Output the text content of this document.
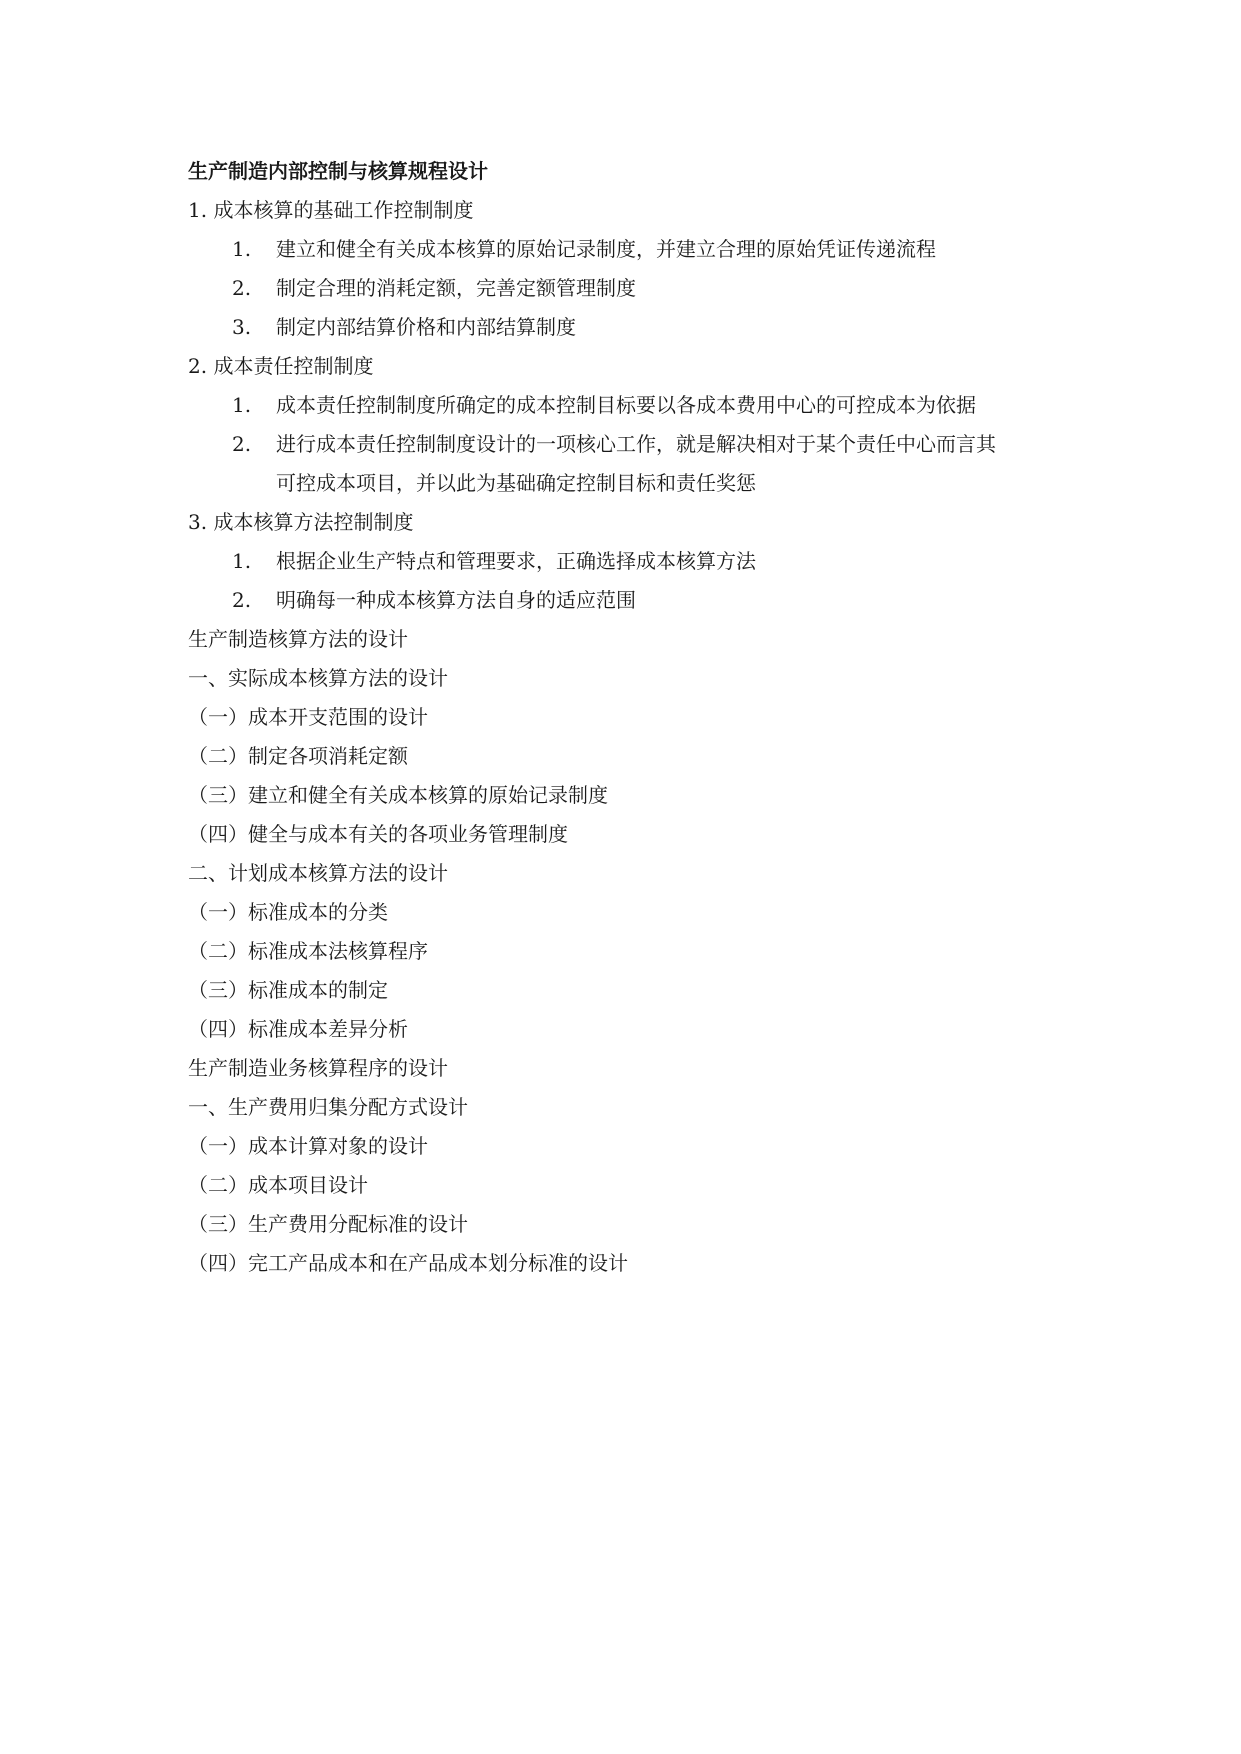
生产制造内部控制与核算规程设计
1. 成本核算的基础工作控制制度
1.	建立和健全有关成本核算的原始记录制度，并建立合理的原始凭证传递流程
2.	制定合理的消耗定额，完善定额管理制度
3.	制定内部结算价格和内部结算制度
2. 成本责任控制制度
1.	成本责任控制制度所确定的成本控制目标要以各成本费用中心的可控成本为依据
2.	进行成本责任控制制度设计的一项核心工作，就是解决相对于某个责任中心而言其
可控成本项目，并以此为基础确定控制目标和责任奖惩
3. 成本核算方法控制制度
1.	根据企业生产特点和管理要求，正确选择成本核算方法
2.	明确每一种成本核算方法自身的适应范围
生产制造核算方法的设计
一、实际成本核算方法的设计
（一）成本开支范围的设计
（二）制定各项消耗定额
（三）建立和健全有关成本核算的原始记录制度
（四）健全与成本有关的各项业务管理制度
二、计划成本核算方法的设计
（一）标准成本的分类
（二）标准成本法核算程序
（三）标准成本的制定
（四）标准成本差异分析
生产制造业务核算程序的设计
一、生产费用归集分配方式设计
（一）成本计算对象的设计
（二）成本项目设计
（三）生产费用分配标准的设计
（四）完工产品成本和在产品成本划分标准的设计
